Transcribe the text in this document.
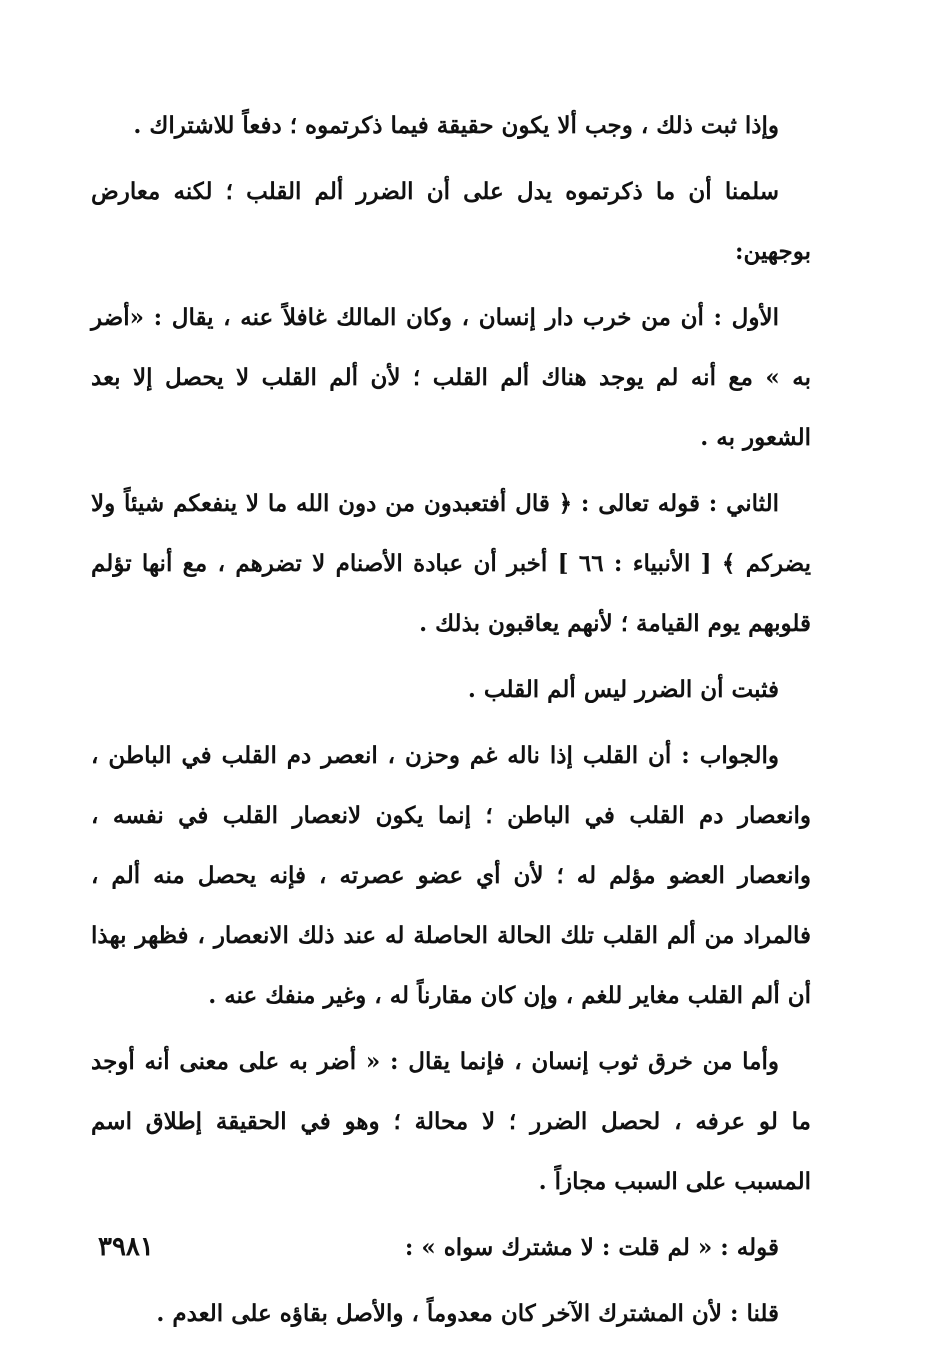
وإذا ثبت ذلك ، وجب ألا يكون حقيقة فيما ذكرتموه ؛ دفعاً للاشتراك .

سلمنا أن ما ذكرتموه يدل على أن الضرر ألم القلب ؛ لكنه معارض بوجهين:

الأول : أن من خرب دار إنسان ، وكان المالك غافلاً عنه ، يقال : «أضر به » مع أنه لم يوجد هناك ألم القلب ؛ لأن ألم القلب لا يحصل إلا بعد الشعور به .

الثاني : قوله تعالى : ﴿ قال أفتعبدون من دون الله ما لا ينفعكم شيئاً ولا يضركم ﴾ [ الأنبياء : ٦٦ ] أخبر أن عبادة الأصنام لا تضرهم ، مع أنها تؤلم قلوبهم يوم القيامة ؛ لأنهم يعاقبون بذلك .

فثبت أن الضرر ليس ألم القلب .

والجواب : أن القلب إذا ناله غم وحزن ، انعصر دم القلب في الباطن ، وانعصار دم القلب في الباطن ؛ إنما يكون لانعصار القلب في نفسه ، وانعصار العضو مؤلم له ؛ لأن أي عضو عصرته ، فإنه يحصل منه ألم ، فالمراد من ألم القلب تلك الحالة الحاصلة له عند ذلك الانعصار ، فظهر بهذا أن ألم القلب مغاير للغم ، وإن كان مقارناً له ، وغير منفك عنه .

وأما من خرق ثوب إنسان ، فإنما يقال : « أضر به على معنى أنه أوجد ما لو عرفه ، لحصل الضرر ؛ لا محالة ؛ وهو في الحقيقة إطلاق اسم المسبب على السبب مجازاً .

قوله : « لم قلت : لا مشترك سواه » :

قلنا : لأن المشترك الآخر كان معدوماً ، والأصل بقاؤه على العدم .

٣٩٨١
